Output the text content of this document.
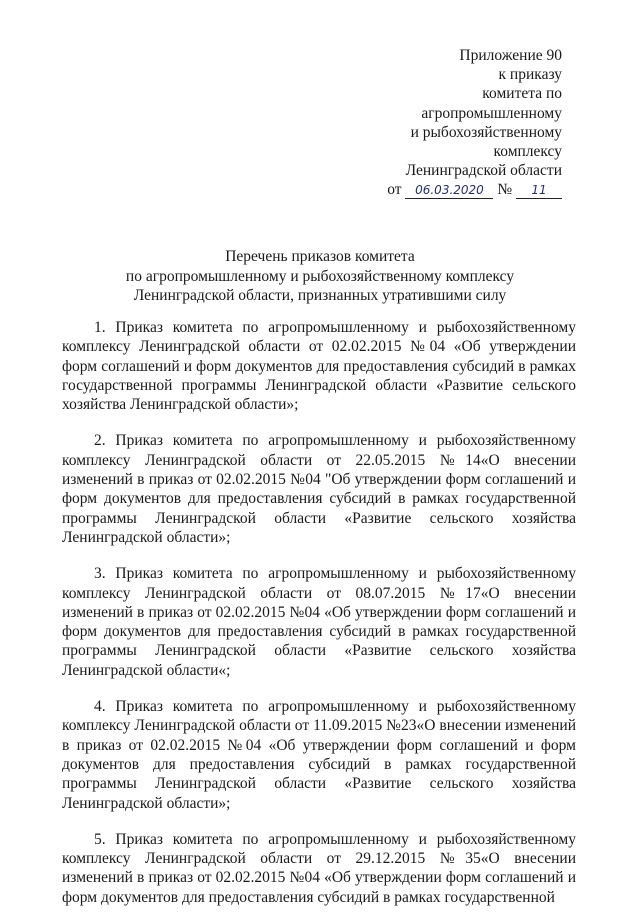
Приложение 90
к приказу
комитета по
агропромышленному
и рыбохозяйственному
комплексу
Ленинградской области
от 06.03.2020 № 11
Перечень приказов комитета
по агропромышленному и рыбохозяйственному комплексу
Ленинградской области, признанных утратившими силу

1. Приказ комитета по агропромышленному и рыбохозяйственному комплексу Ленинградской области от 02.02.2015 №04 «Об утверждении форм соглашений и форм документов для предоставления субсидий в рамках государственной программы Ленинградской области «Развитие сельского хозяйства Ленинградской области»;

2. Приказ комитета по агропромышленному и рыбохозяйственному комплексу Ленинградской области от 22.05.2015 №14«О внесении изменений в приказ от 02.02.2015 №04 "Об утверждении форм соглашений и форм документов для предоставления субсидий в рамках государственной программы Ленинградской области «Развитие сельского хозяйства Ленинградской области»;

3. Приказ комитета по агропромышленному и рыбохозяйственному комплексу Ленинградской области от 08.07.2015 №17«О внесении изменений в приказ от 02.02.2015 №04 «Об утверждении форм соглашений и форм документов для предоставления субсидий в рамках государственной программы Ленинградской области «Развитие сельского хозяйства Ленинградской области«;

4. Приказ комитета по агропромышленному и рыбохозяйственному комплексу Ленинградской области от 11.09.2015 №23«О внесении изменений в приказ от 02.02.2015 №04 «Об утверждении форм соглашений и форм документов для предоставления субсидий в рамках государственной программы Ленинградской области «Развитие сельского хозяйства Ленинградской области»;

5. Приказ комитета по агропромышленному и рыбохозяйственному комплексу Ленинградской области от 29.12.2015 №35«О внесении изменений в приказ от 02.02.2015 №04 «Об утверждении форм соглашений и форм документов для предоставления субсидий в рамках государственной
